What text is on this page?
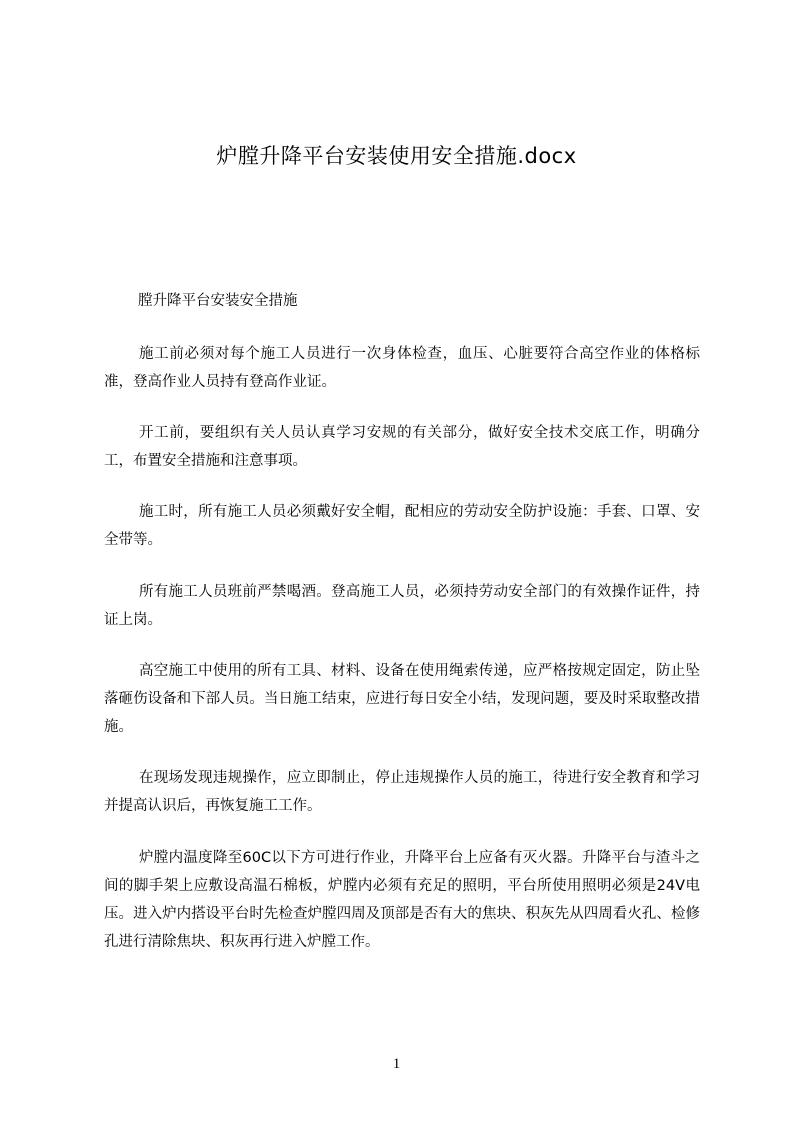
炉膛升降平台安装使用安全措施.docx
膛升降平台安装安全措施
施工前必须对每个施工人员进行一次身体检查，血压、心脏要符合高空作业的体格标准，登高作业人员持有登高作业证。
开工前，要组织有关人员认真学习安规的有关部分，做好安全技术交底工作，明确分工，布置安全措施和注意事项。
施工时，所有施工人员必须戴好安全帽，配相应的劳动安全防护设施：手套、口罩、安全带等。
所有施工人员班前严禁喝酒。登高施工人员，必须持劳动安全部门的有效操作证件，持证上岗。
高空施工中使用的所有工具、材料、设备在使用绳索传递，应严格按规定固定，防止坠落砸伤设备和下部人员。当日施工结束，应进行每日安全小结，发现问题，要及时采取整改措施。
在现场发现违规操作，应立即制止，停止违规操作人员的施工，待进行安全教育和学习并提高认识后，再恢复施工工作。
炉膛内温度降至60C以下方可进行作业，升降平台上应备有灭火器。升降平台与渣斗之间的脚手架上应敷设高温石棉板，炉膛内必须有充足的照明，平台所使用照明必须是24V电压。进入炉内搭设平台时先检查炉膛四周及顶部是否有大的焦块、积灰先从四周看火孔、检修孔进行清除焦块、积灰再行进入炉膛工作。
1
